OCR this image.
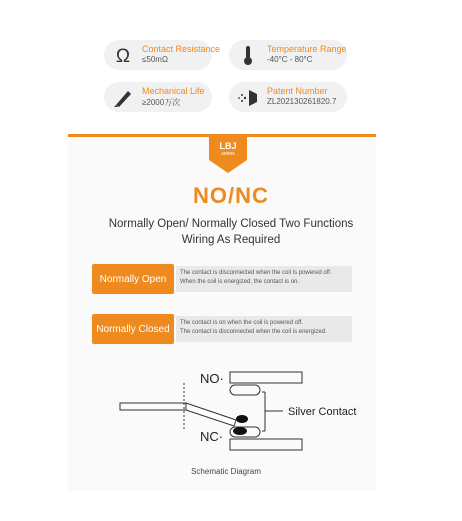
Ω Contact Resistance
≤50mΩ
Temperature Range
-40°C - 80°C
Mechanical Life
≥2000万次
Patent Number
ZL202130261820.7
LBJ
series
NO/NC
Normally Open/ Normally Closed Two Functions
Wiring As Required
Normally Open
The contact is disconnected when the coil is powered off.
When the coil is energized, the contact is on.
Normally Closed
The contact is on when the coil is powered off.
The contact is disconnected when the coil is energized.
NO·
NC·
Silver Contact
Schematic Diagram
